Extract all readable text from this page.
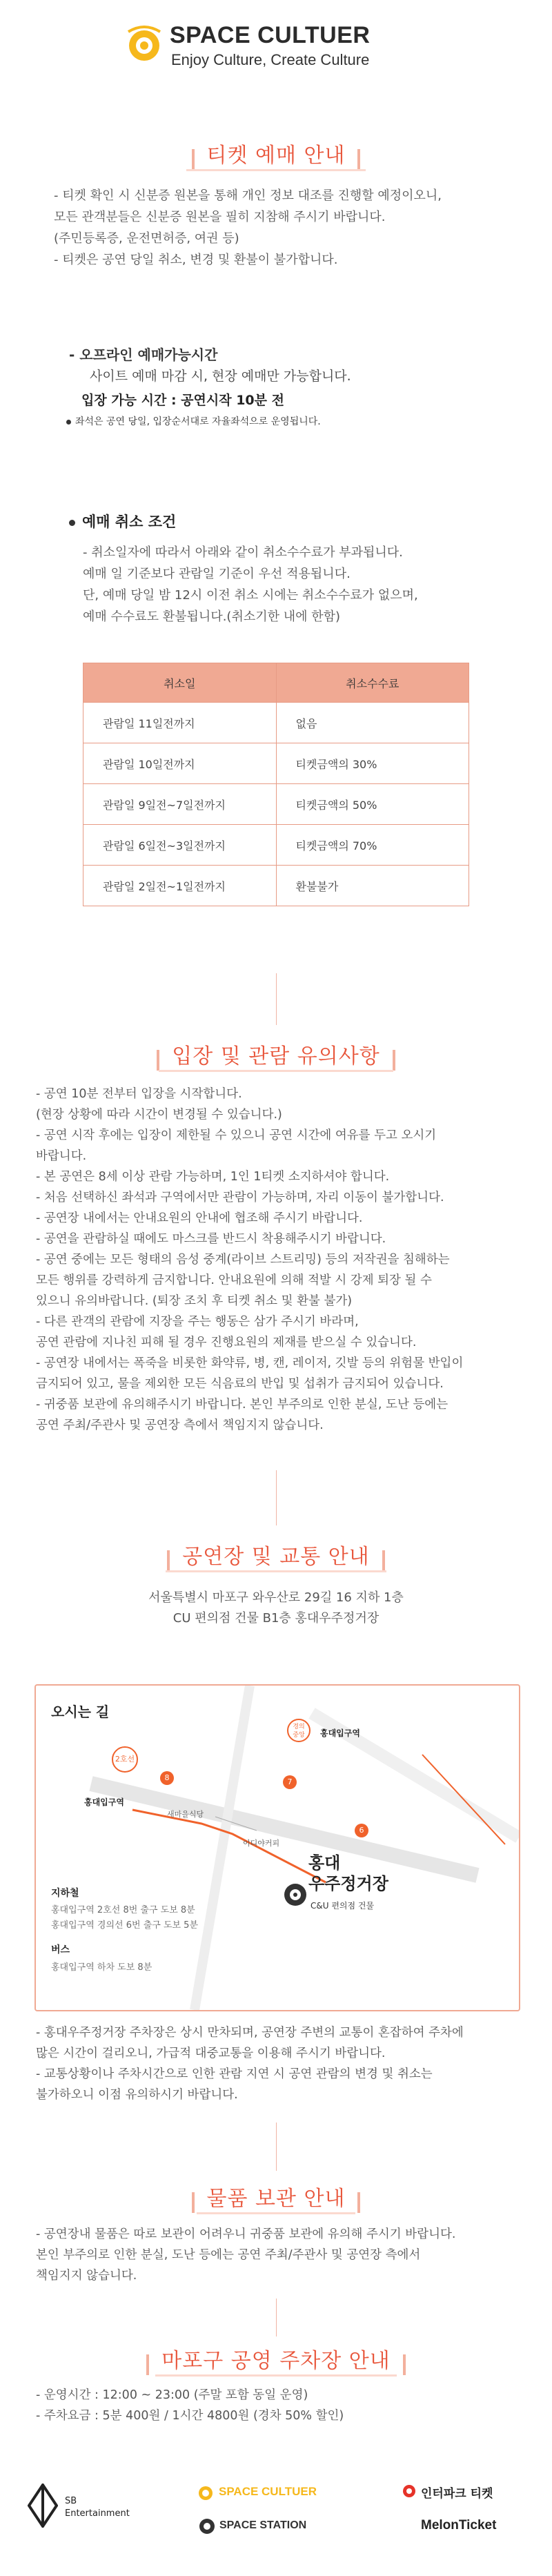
SPACE CULTUER
Enjoy Culture, Create Culture
티켓 예매 안내
- 티켓 확인 시 신분증 원본을 통해 개인 정보 대조를 진행할 예정이오니,
모든 관객분들은 신분증 원본을 필히 지참해 주시기 바랍니다.
(주민등록증, 운전면허증, 여권 등)
- 티켓은 공연 당일 취소, 변경 및 환불이 불가합니다.
- 오프라인 예매가능시간
사이트 예매 마감 시, 현장 예매만 가능합니다.
입장 가능 시간 : 공연시작 10분 전
좌석은 공연 당일, 입장순서대로 자율좌석으로 운영됩니다.
예매 취소 조건
- 취소일자에 따라서 아래와 같이 취소수수료가 부과됩니다.
예매 일 기준보다 관람일 기준이 우선 적용됩니다.
단, 예매 당일 밤 12시 이전 취소 시에는 취소수수료가 없으며,
예매 수수료도 환불됩니다.(취소기한 내에 한함)
취소일	취소수수료
관람일 11일전까지	없음
관람일 10일전까지	티켓금액의 30%
관람일 9일전~7일전까지	티켓금액의 50%
관람일 6일전~3일전까지	티켓금액의 70%
관람일 2일전~1일전까지	환불불가
입장 및 관람 유의사항
- 공연 10분 전부터 입장을 시작합니다.
(현장 상황에 따라 시간이 변경될 수 있습니다.)
- 공연 시작 후에는 입장이 제한될 수 있으니 공연 시간에 여유를 두고 오시기
바랍니다.
- 본 공연은 8세 이상 관람 가능하며, 1인 1티켓 소지하셔야 합니다.
- 처음 선택하신 좌석과 구역에서만 관람이 가능하며, 자리 이동이 불가합니다.
- 공연장 내에서는 안내요원의 안내에 협조해 주시기 바랍니다.
- 공연을 관람하실 때에도 마스크를 반드시 착용해주시기 바랍니다.
- 공연 중에는 모든 형태의 음성 중계(라이브 스트리밍) 등의 저작권을 침해하는
모든 행위를 강력하게 금지합니다. 안내요원에 의해 적발 시 강제 퇴장 될 수
있으니 유의바랍니다. (퇴장 조치 후 티켓 취소 및 환불 불가)
- 다른 관객의 관람에 지장을 주는 행동은 삼가 주시기 바라며,
공연 관람에 지나친 피해 될 경우 진행요원의 제재를 받으실 수 있습니다.
- 공연장 내에서는 폭죽을 비롯한 화약류, 병, 캔, 레이저, 깃발 등의 위험물 반입이
금지되어 있고, 물을 제외한 모든 식음료의 반입 및 섭취가 금지되어 있습니다.
- 귀중품 보관에 유의해주시기 바랍니다. 본인 부주의로 인한 분실, 도난 등에는
공연 주최/주관사 및 공연장 측에서 책임지지 않습니다.
공연장 및 교통 안내
서울특별시 마포구 와우산로 29길 16 지하 1층
CU 편의점 건물 B1층 홍대우주정거장
오시는 길
2호선
홍대입구역
8
새마을식당
이디야커피
경의
중앙	홍대입구역
7
6
홍대
우주정거장
C&U 편의점 건물
지하철
홍대입구역 2호선 8번 출구 도보 8분
홍대입구역 경의선 6번 출구 도보 5분
버스
홍대입구역 하차 도보 8분
- 홍대우주정거장 주차장은 상시 만차되며, 공연장 주변의 교통이 혼잡하여 주차에
많은 시간이 걸리오니, 가급적 대중교통을 이용해 주시기 바랍니다.
- 교통상황이나 주차시간으로 인한 관람 지연 시 공연 관람의 변경 및 취소는
불가하오니 이점 유의하시기 바랍니다.
물품 보관 안내
- 공연장내 물품은 따로 보관이 어려우니 귀중품 보관에 유의해 주시기 바랍니다.
본인 부주의로 인한 분실, 도난 등에는 공연 주최/주관사 및 공연장 측에서
책임지지 않습니다.
마포구 공영 주차장 안내
- 운영시간 : 12:00 ~ 23:00 (주말 포함 동일 운영)
- 주차요금 : 5분 400원 / 1시간 4800원 (경차 50% 할인)
SB
Entertainment
SPACE CULTUER
SPACE STATION
인터파크 티켓
MelonTicket
